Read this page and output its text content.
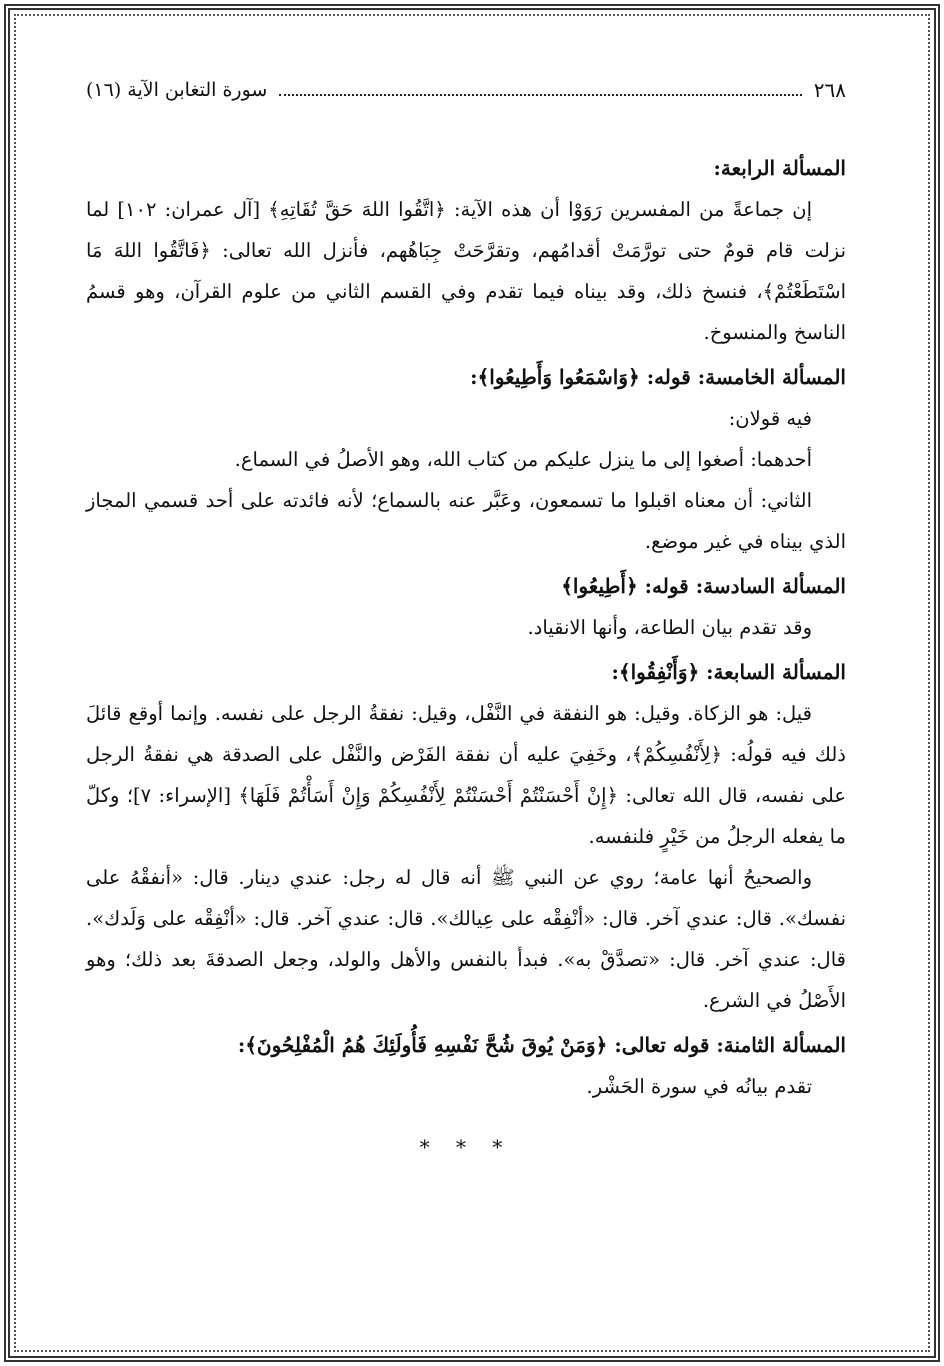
٢٦٨
سورة التغابن الآية (١٦)
المسألة الرابعة:
إن جماعةً من المفسرين رَوَوْا أن هذه الآية: ﴿اتَّقُوا اللهَ حَقَّ تُقَاتِهِ﴾ [آل عمران: ١٠٢] لما نزلت قام قومٌ حتى تورَّمَتْ أقدامُهم، وتقرَّحَتْ جِبَاهُهم، فأنزل الله تعالى: ﴿فَاتَّقُوا اللهَ مَا اسْتَطَعْتُمْ﴾، فنسخ ذلك، وقد بيناه فيما تقدم وفي القسم الثاني من علوم القرآن، وهو قسمُ الناسخ والمنسوخ.
المسألة الخامسة: قوله: ﴿وَاسْمَعُوا وَأَطِيعُوا﴾:
فيه قولان:
أحدهما: أصغوا إلى ما ينزل عليكم من كتاب الله، وهو الأصلُ في السماع.
الثاني: أن معناه اقبلوا ما تسمعون، وعَبَّر عنه بالسماع؛ لأنه فائدته على أحد قسمي المجاز الذي بيناه في غير موضع.
المسألة السادسة: قوله: ﴿أَطِيعُوا﴾
وقد تقدم بيان الطاعة، وأنها الانقياد.
المسألة السابعة: ﴿وَأَنْفِقُوا﴾:
قيل: هو الزكاة. وقيل: هو النفقة في النَّفْل، وقيل: نفقةُ الرجل على نفسه. وإنما أوقع قائلَ ذلك فيه قولُه: ﴿لِأَنْفُسِكُمْ﴾، وخَفِيَ عليه أن نفقة الفَرْض والنَّفْل على الصدقة هي نفقةُ الرجل على نفسه، قال الله تعالى: ﴿إِنْ أَحْسَنْتُمْ أَحْسَنْتُمْ لِأَنْفُسِكُمْ وَإِنْ أَسَأْتُمْ فَلَهَا﴾ [الإسراء: ٧]؛ وكلّ ما يفعله الرجلُ من خَيْرٍ فلنفسه.
والصحيحُ أنها عامة؛ روي عن النبي ﷺ أنه قال له رجل: عندي دينار. قال: «أنفقْهُ على نفسك». قال: عندي آخر. قال: «أنْفِقْه على عِيالك». قال: عندي آخر. قال: «أنْفِقْه على وَلَدك». قال: عندي آخر. قال: «تصدَّقْ به». فبدأ بالنفس والأهل والولد، وجعل الصدقةَ بعد ذلك؛ وهو الأَصْلُ في الشرع.
المسألة الثامنة: قوله تعالى: ﴿وَمَنْ يُوقَ شُحَّ نَفْسِهِ فَأُولَئِكَ هُمُ الْمُفْلِحُونَ﴾:
تقدم بيانُه في سورة الحَشْر.
* * *
